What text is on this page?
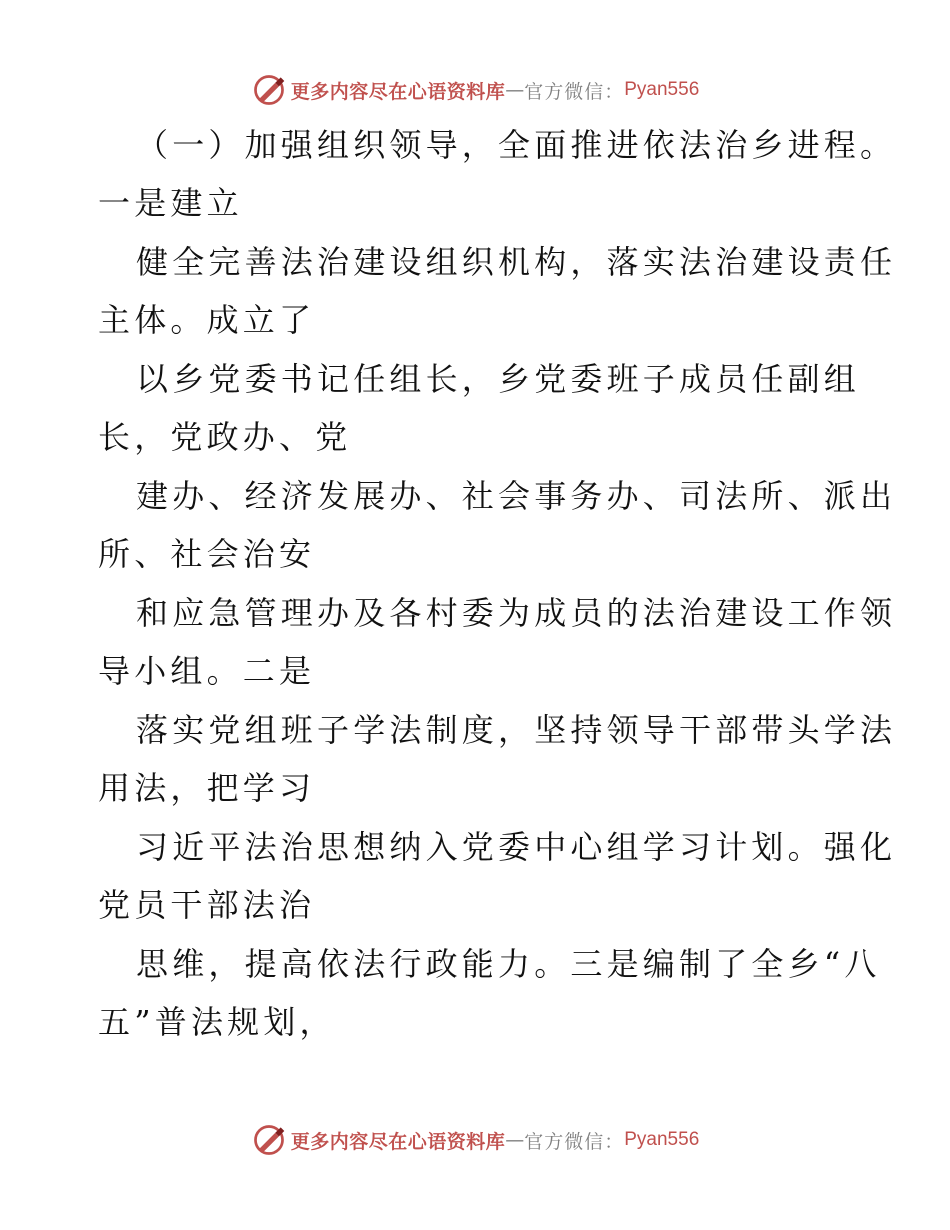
更多内容尽在心语资料库 — 官方微信： Pyan556
（一）加强组织领导，全面推进依法治乡进程。
一是建立
健全完善法治建设组织机构，落实法治建设责任
主体。成立了
以乡党委书记任组长，乡党委班子成员任副组
长，党政办、党
建办、经济发展办、社会事务办、司法所、派出
所、社会治安
和应急管理办及各村委为成员的法治建设工作领
导小组。二是
落实党组班子学法制度，坚持领导干部带头学法
用法，把学习
习近平法治思想纳入党委中心组学习计划。强化
党员干部法治
思维，提高依法行政能力。三是编制了全乡“八
五”普法规划，
更多内容尽在心语资料库 — 官方微信： Pyan556
